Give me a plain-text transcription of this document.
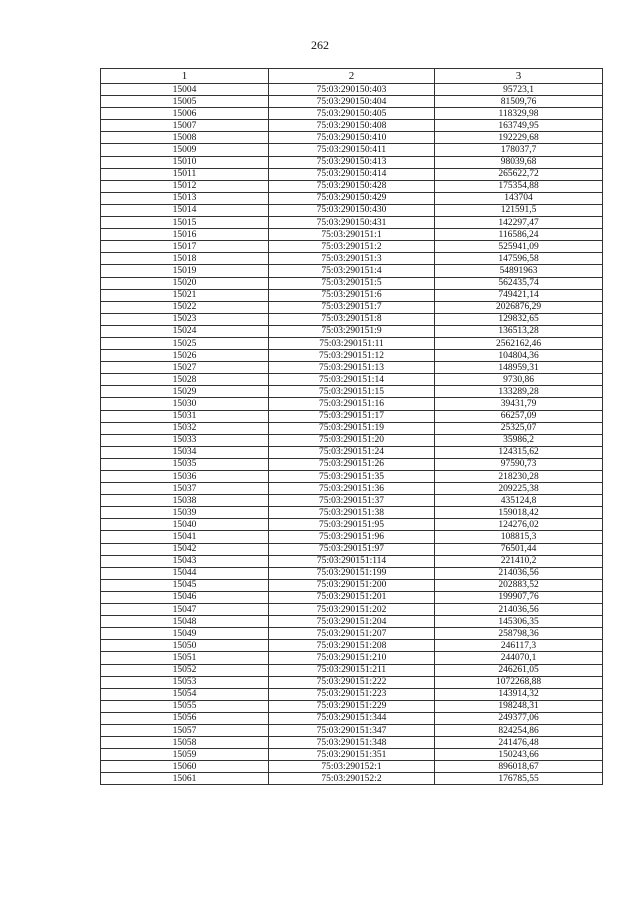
262
1	2	3
15004	75:03:290150:403	95723,1
15005	75:03:290150:404	81509,76
15006	75:03:290150:405	118329,98
15007	75:03:290150:408	163749,95
15008	75:03:290150:410	192229,68
15009	75:03:290150:411	178037,7
15010	75:03:290150:413	98039,68
15011	75:03:290150:414	265622,72
15012	75:03:290150:428	175354,88
15013	75:03:290150:429	143704
15014	75:03:290150:430	121591,5
15015	75:03:290150:431	142297,47
15016	75:03:290151:1	116586,24
15017	75:03:290151:2	525941,09
15018	75:03:290151:3	147596,58
15019	75:03:290151:4	54891963
15020	75:03:290151:5	562435,74
15021	75:03:290151:6	749421,14
15022	75:03:290151:7	2026876,29
15023	75:03:290151:8	129832,65
15024	75:03:290151:9	136513,28
15025	75:03:290151:11	2562162,46
15026	75:03:290151:12	104804,36
15027	75:03:290151:13	148959,31
15028	75:03:290151:14	9730,86
15029	75:03:290151:15	133289,28
15030	75:03:290151:16	39431,79
15031	75:03:290151:17	66257,09
15032	75:03:290151:19	25325,07
15033	75:03:290151:20	35986,2
15034	75:03:290151:24	124315,62
15035	75:03:290151:26	97590,73
15036	75:03:290151:35	218230,28
15037	75:03:290151:36	209225,38
15038	75:03:290151:37	435124,8
15039	75:03:290151:38	159018,42
15040	75:03:290151:95	124276,02
15041	75:03:290151:96	108815,3
15042	75:03:290151:97	76501,44
15043	75:03:290151:114	221410,2
15044	75:03:290151:199	214036,56
15045	75:03:290151:200	202883,52
15046	75:03:290151:201	199907,76
15047	75:03:290151:202	214036,56
15048	75:03:290151:204	145306,35
15049	75:03:290151:207	258798,36
15050	75:03:290151:208	246117,3
15051	75:03:290151:210	244070,1
15052	75:03:290151:211	246261,05
15053	75:03:290151:222	1072268,88
15054	75:03:290151:223	143914,32
15055	75:03:290151:229	198248,31
15056	75:03:290151:344	249377,06
15057	75:03:290151:347	824254,86
15058	75:03:290151:348	241476,48
15059	75:03:290151:351	150243,66
15060	75:03:290152:1	896018,67
15061	75:03:290152:2	176785,55
